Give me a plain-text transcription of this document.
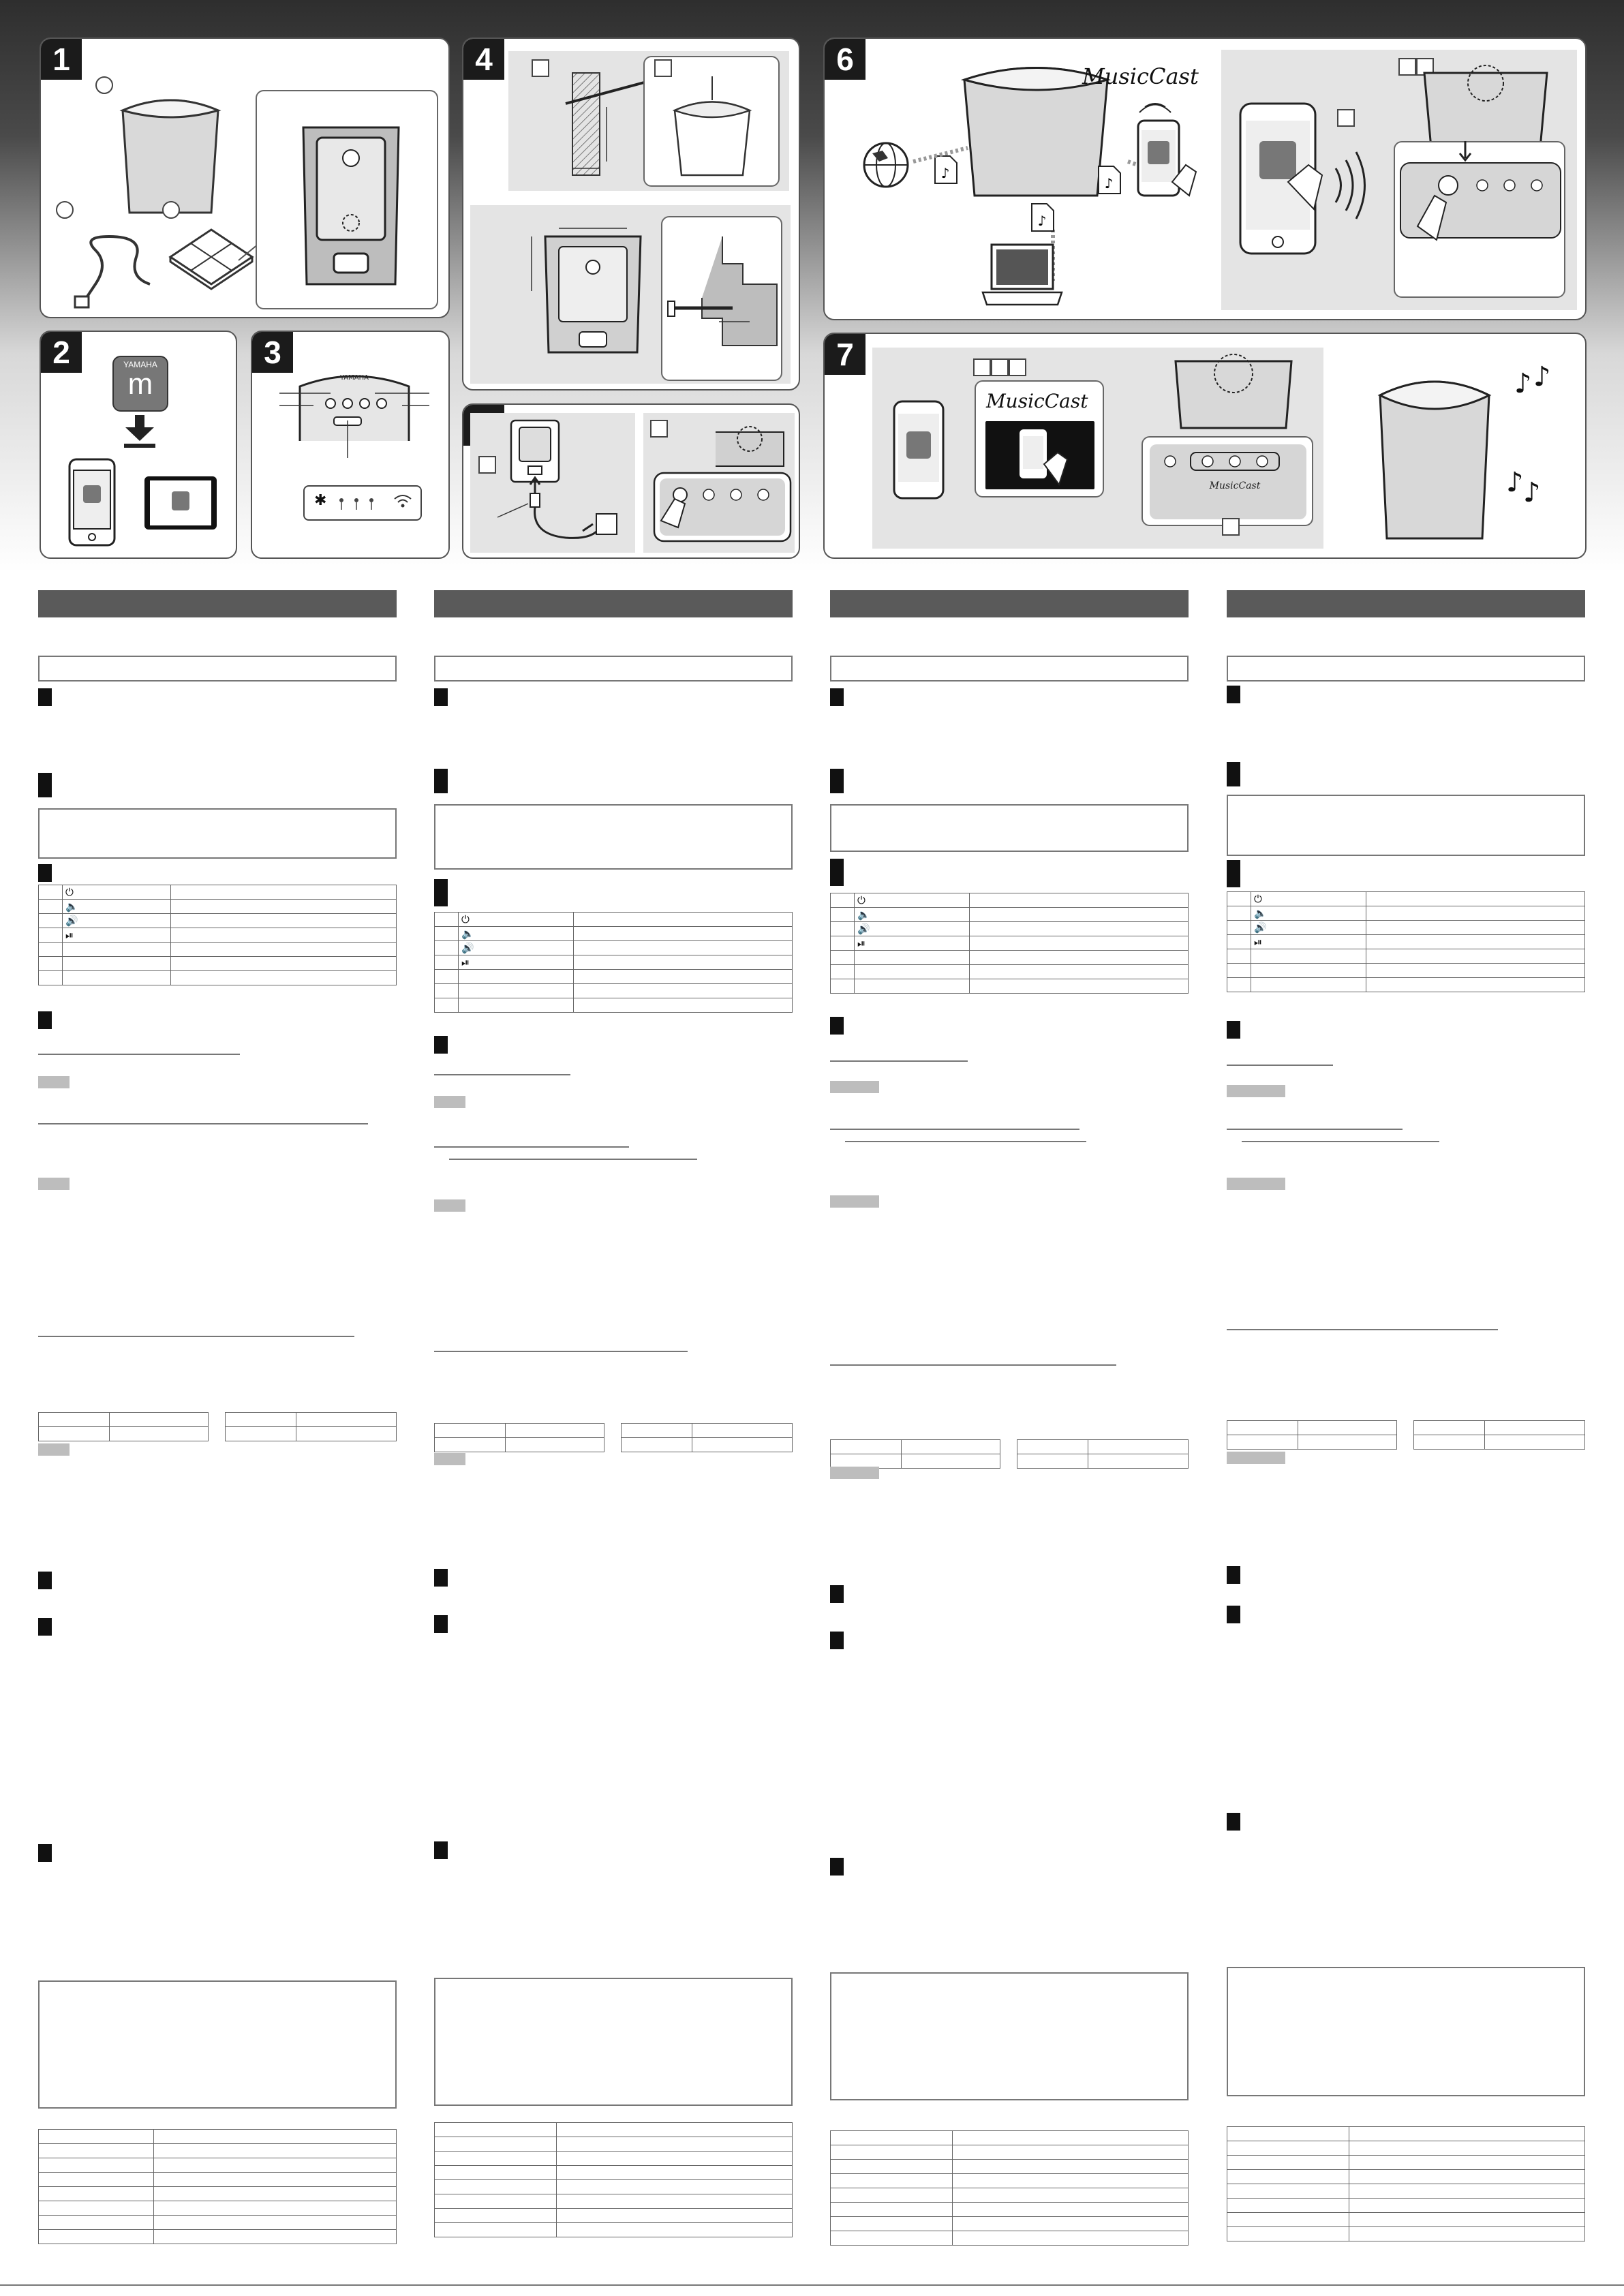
1
2	YAMAHA
m
3
YAMAHA
✱
4	6
♪
MusicCast
♪
♪
7
MusicCast
MusicCast
♪ ♪
♪ ♪
	⏻	
	🔈	
	🔊	
	⏯	

	⏻	
	🔈	
	🔊	
	⏯	

	⏻	
	🔈	
	🔊	
	⏯	

	⏻	
	🔈	
	🔊	
	⏯	
